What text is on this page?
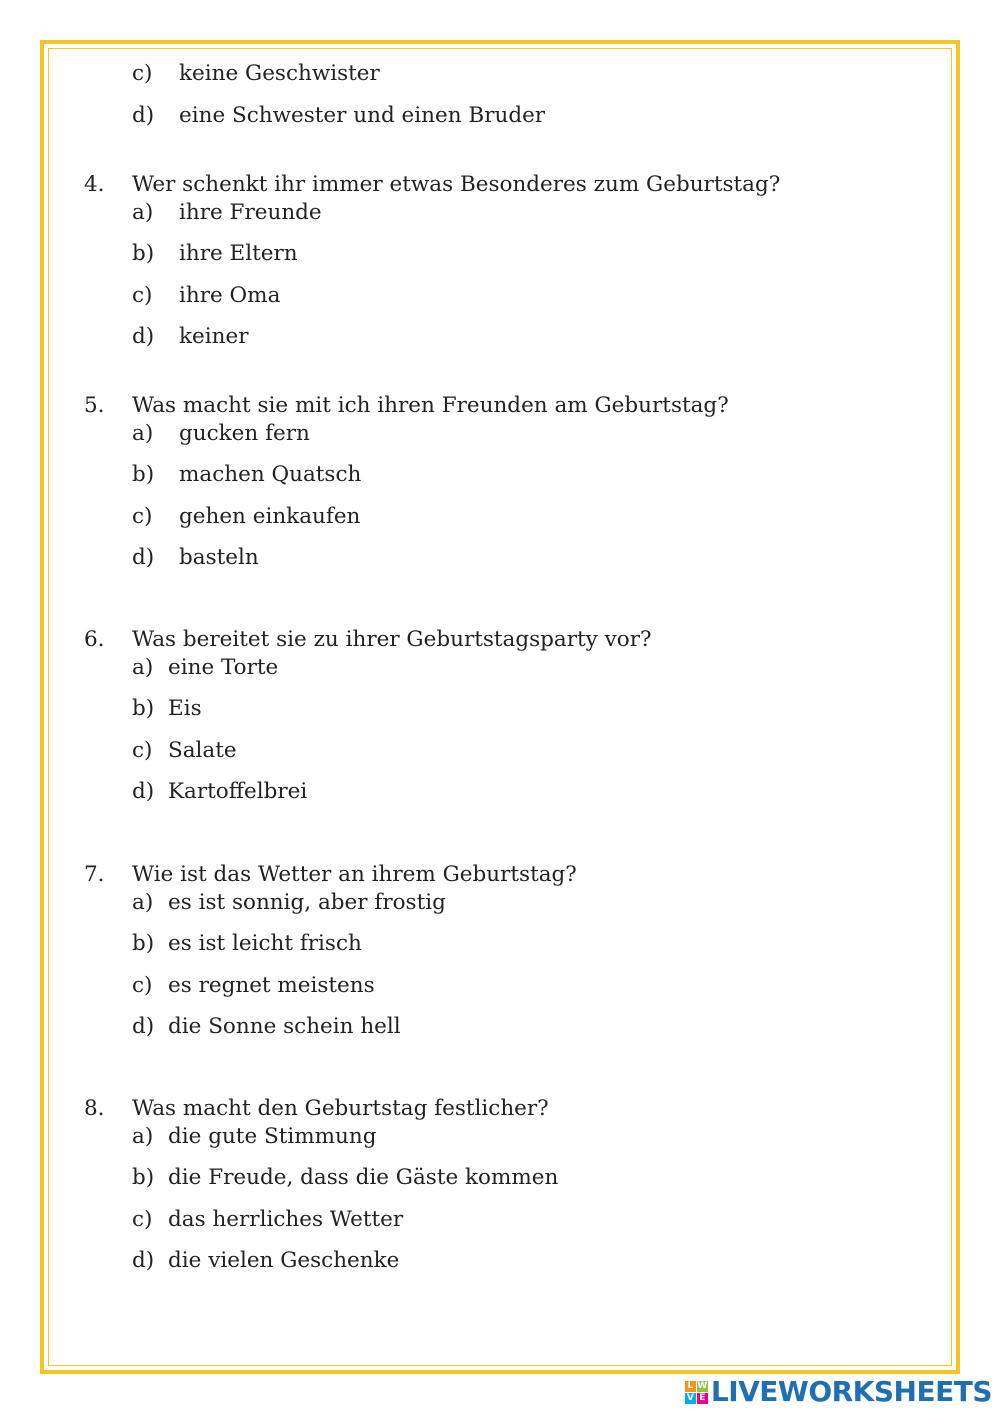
c) keine Geschwister
d) eine Schwester und einen Bruder
4. Wer schenkt ihr immer etwas Besonderes zum Geburtstag?
a) ihre Freunde
b) ihre Eltern
c) ihre Oma
d) keiner
5. Was macht sie mit ich ihren Freunden am Geburtstag?
a) gucken fern
b) machen Quatsch
c) gehen einkaufen
d) basteln
6. Was bereitet sie zu ihrer Geburtstagsparty vor?
a) eine Torte
b) Eis
c) Salate
d) Kartoffelbrei
7. Wie ist das Wetter an ihrem Geburtstag?
a) es ist sonnig, aber frostig
b) es ist leicht frisch
c) es regnet meistens
d) die Sonne schein hell
8. Was macht den Geburtstag festlicher?
a) die gute Stimmung
b) die Freude, dass die Gäste kommen
c) das herrliches Wetter
d) die vielen Geschenke
L W
V E LIVEWORKSHEETS
